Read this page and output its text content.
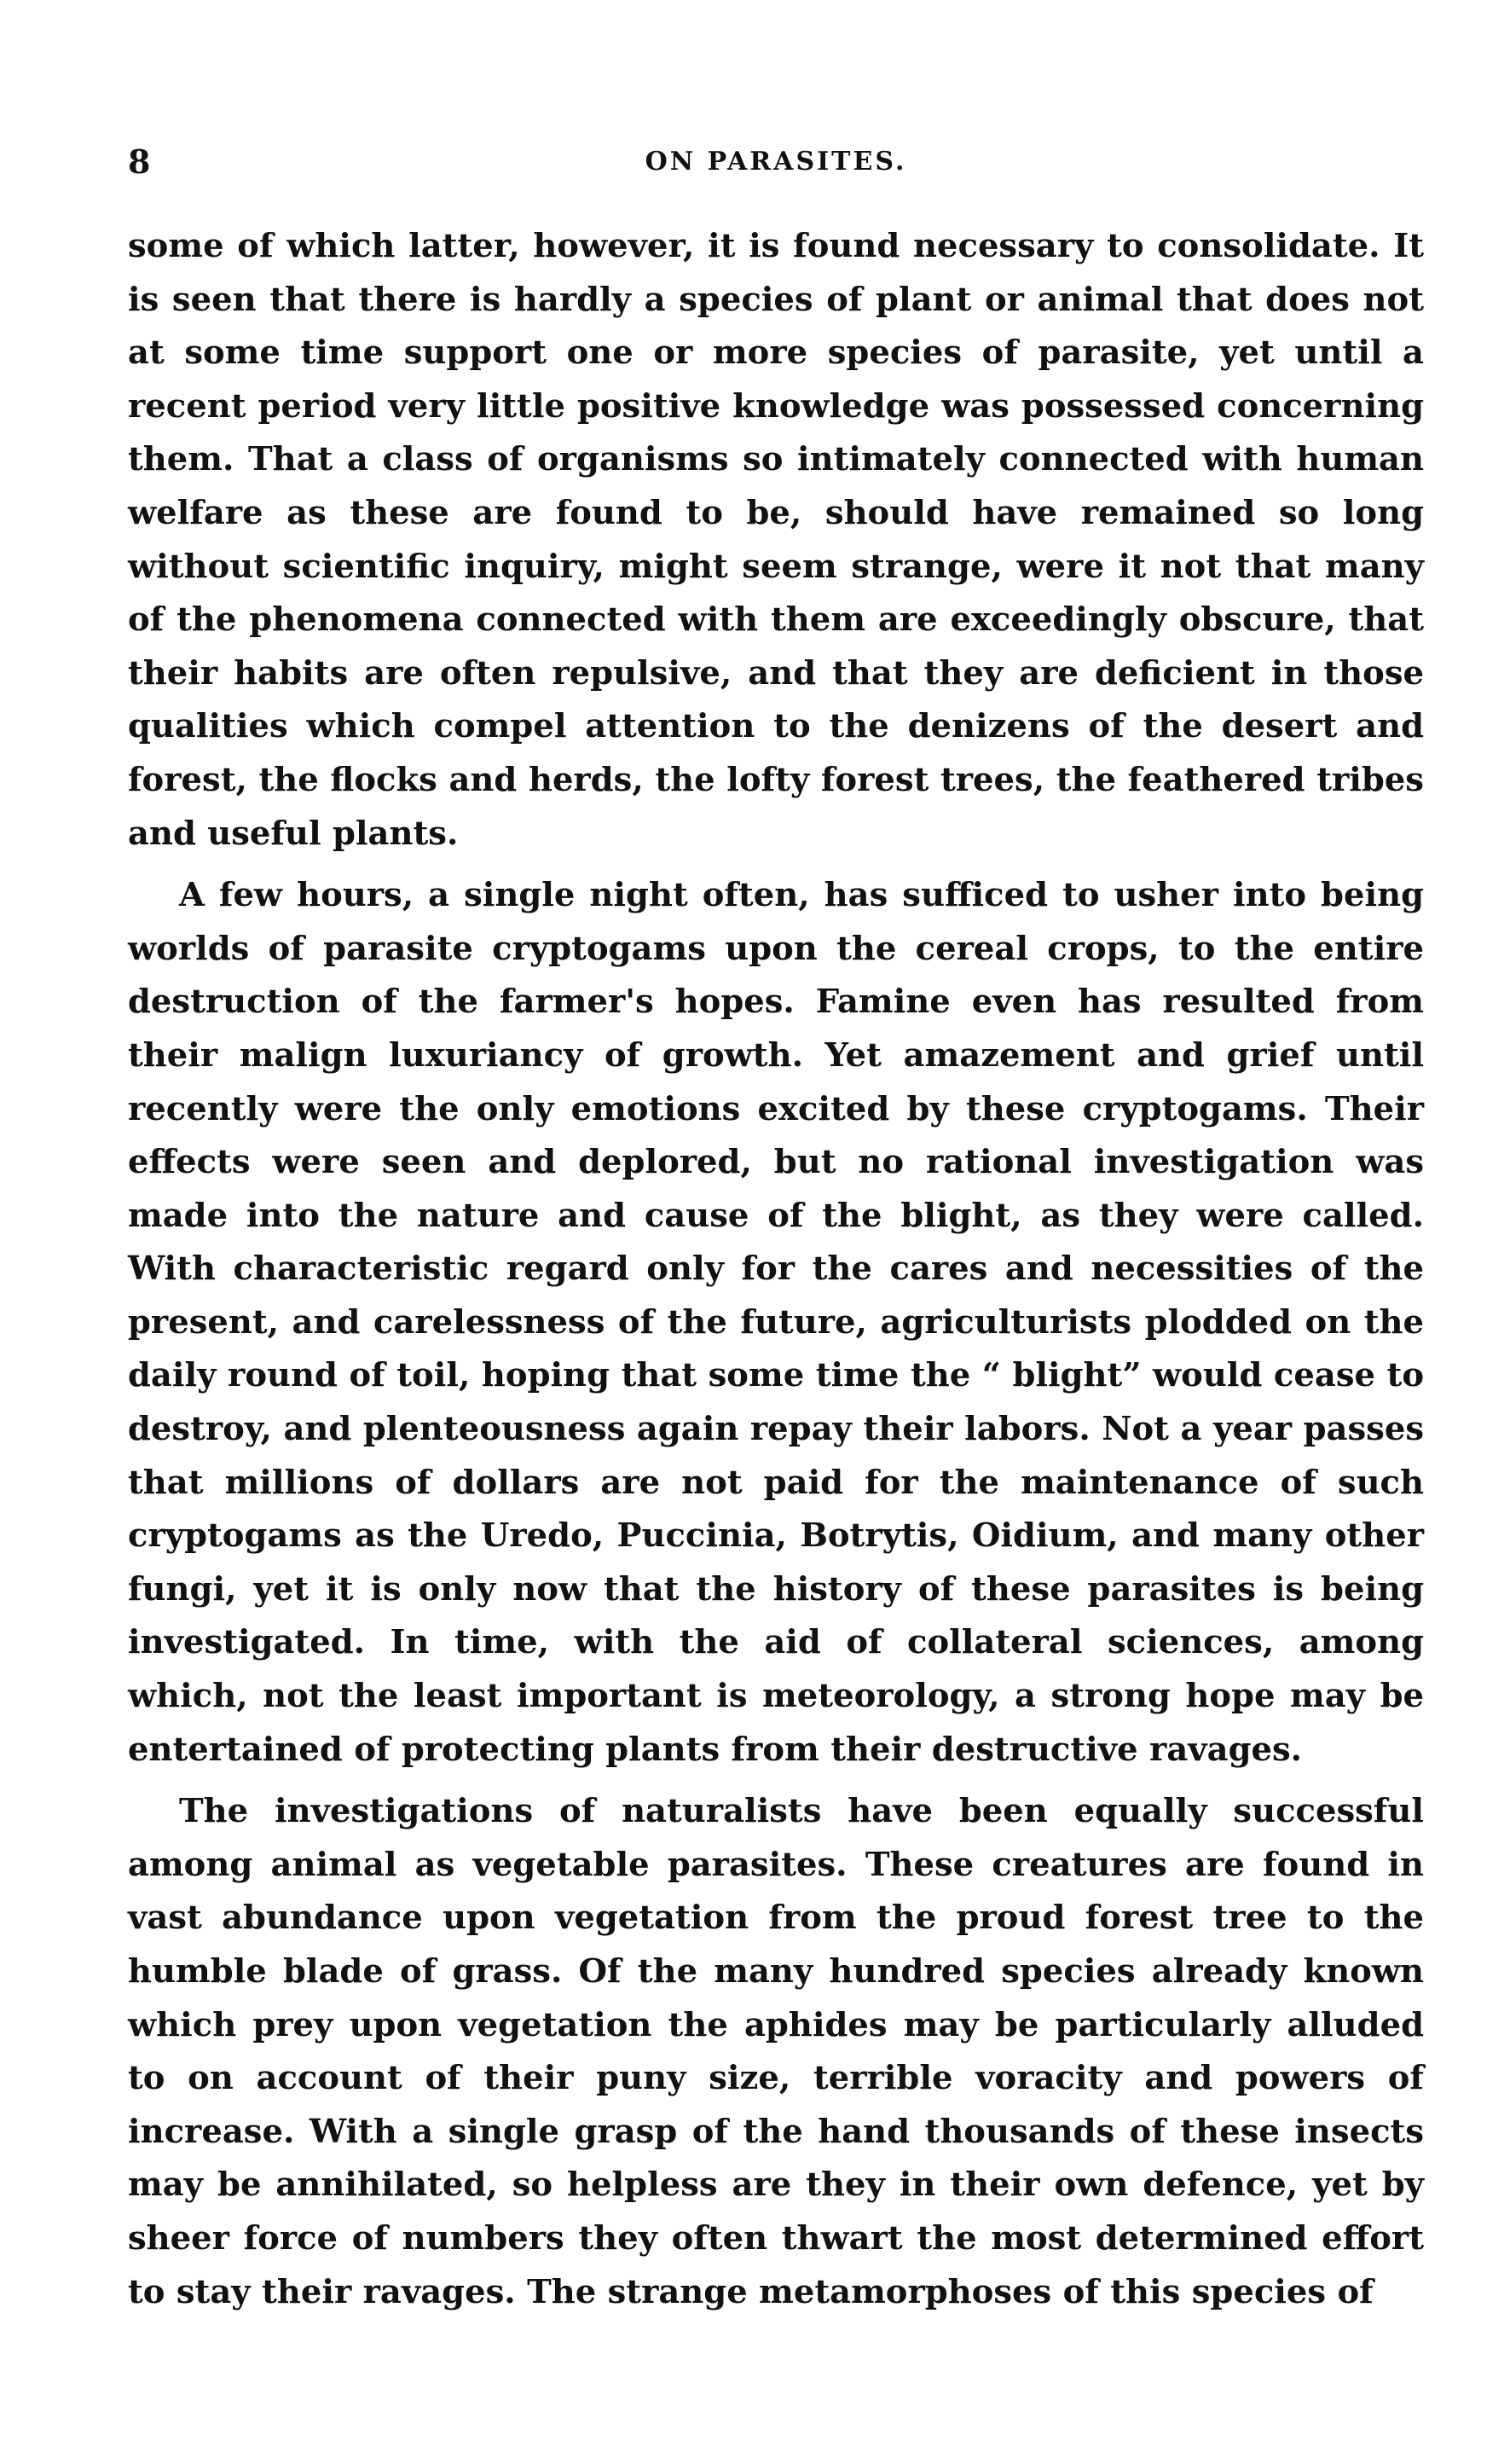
8	ON PARASITES.

some of which latter, however, it is found necessary to consolidate. It is seen that there is hardly a species of plant or animal that does not at some time support one or more species of parasite, yet until a recent period very little positive knowledge was possessed concerning them. That a class of organisms so intimately connected with human welfare as these are found to be, should have remained so long without scientific inquiry, might seem strange, were it not that many of the phenomena connected with them are exceedingly obscure, that their habits are often repulsive, and that they are deficient in those qualities which compel attention to the denizens of the desert and forest, the flocks and herds, the lofty forest trees, the feathered tribes and useful plants.

A few hours, a single night often, has sufficed to usher into being worlds of parasite cryptogams upon the cereal crops, to the entire destruction of the farmer's hopes. Famine even has resulted from their malign luxuriancy of growth. Yet amazement and grief until recently were the only emotions excited by these cryptogams. Their effects were seen and deplored, but no rational investigation was made into the nature and cause of the blight, as they were called. With characteristic regard only for the cares and necessities of the present, and carelessness of the future, agriculturists plodded on the daily round of toil, hoping that some time the “ blight” would cease to destroy, and plenteousness again repay their labors. Not a year passes that millions of dollars are not paid for the maintenance of such cryptogams as the Uredo, Puccinia, Botrytis, Oidium, and many other fungi, yet it is only now that the history of these parasites is being investigated. In time, with the aid of collateral sciences, among which, not the least important is meteorology, a strong hope may be entertained of protecting plants from their destructive ravages.

The investigations of naturalists have been equally successful among animal as vegetable parasites. These creatures are found in vast abundance upon vegetation from the proud forest tree to the humble blade of grass. Of the many hundred species already known which prey upon vegetation the aphides may be particularly alluded to on account of their puny size, terrible voracity and powers of increase. With a single grasp of the hand thousands of these insects may be annihilated, so helpless are they in their own defence, yet by sheer force of numbers they often thwart the most determined effort to stay their ravages. The strange metamorphoses of this species of
